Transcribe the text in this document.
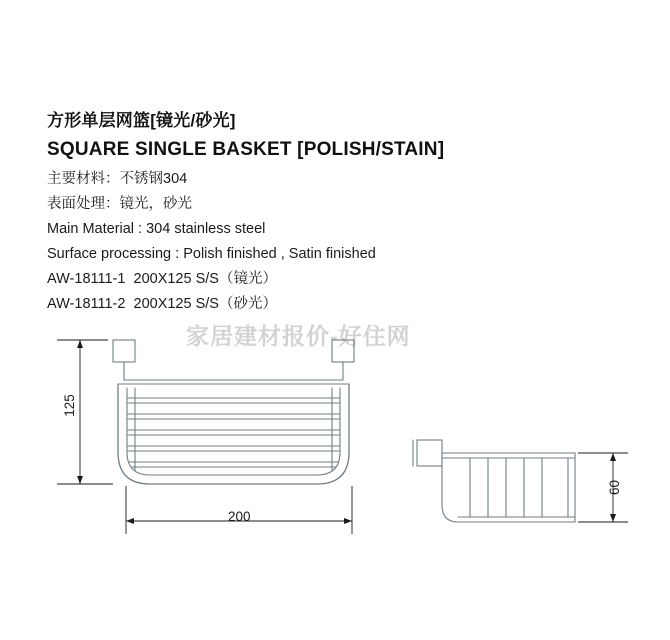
方形单层网篮[镜光/砂光]
SQUARE SINGLE BASKET [POLISH/STAIN]
主要材料：不锈钢304
表面处理：镜光，砂光
Main Material : 304 stainless steel
Surface processing : Polish finished , Satin finished
AW-18111-1  200X125 S/S（镜光）
AW-18111-2  200X125 S/S（砂光）
家居建材报价-好住网
125
200
60
